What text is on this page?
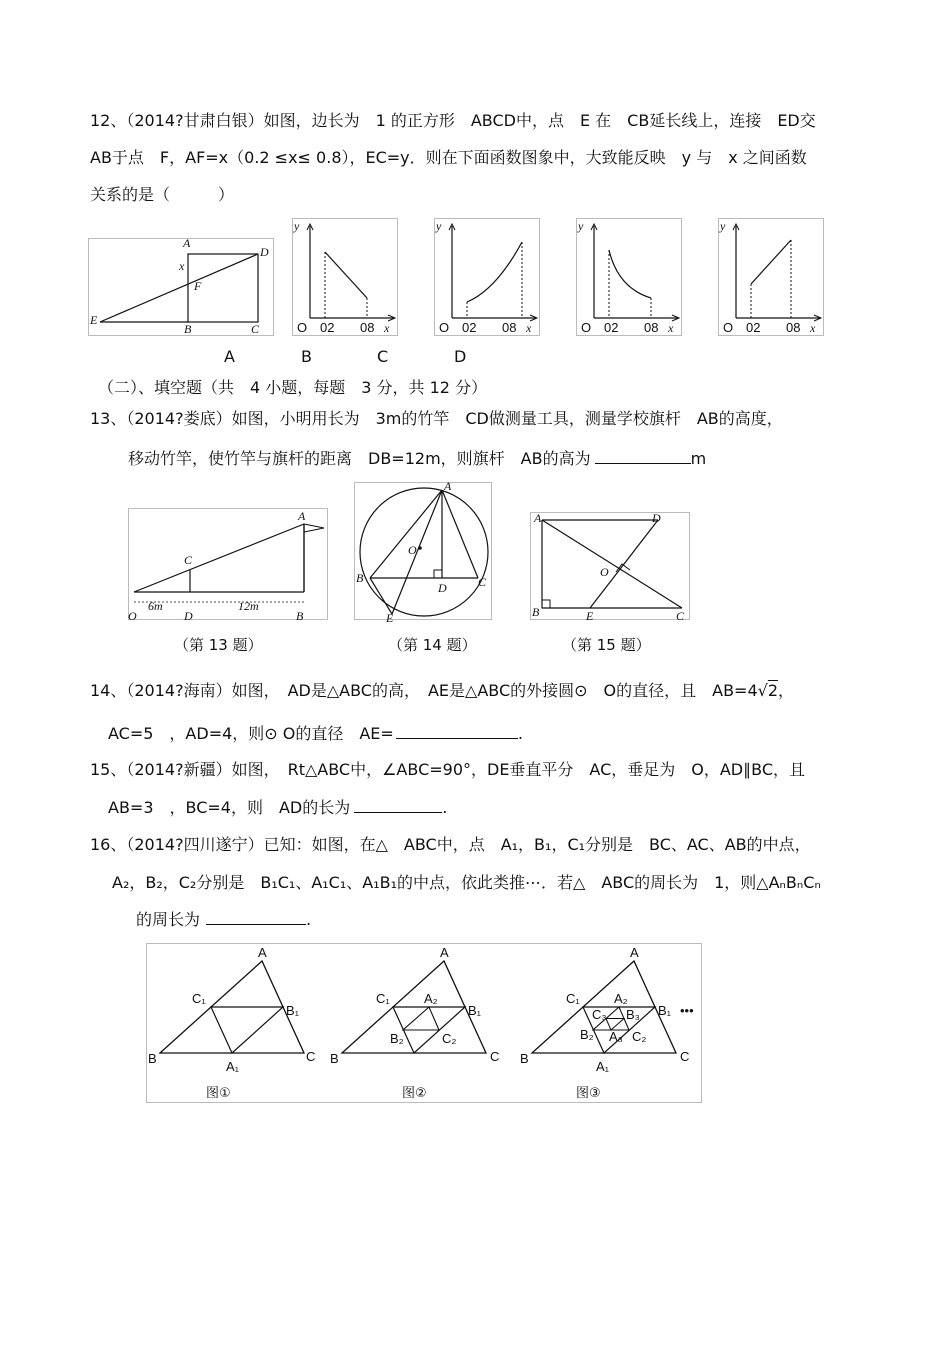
12、（2014?甘肃白银）如图，边长为　1 的正方形　ABCD中，点　E 在　CB延长线上，连接　ED交
AB于点　F，AF=x（0.2 ≤x≤ 0.8），EC=y．则在下面函数图象中，大致能反映　y 与　x 之间函数
关系的是（　　　）
A
D
x
F
E
B	C
y
O 02 08 x
y
O 02 08 x
y
O 02 08 x
y
O 02 08 x
A	B	C	D
（二）、填空题（共　4 小题，每题　3 分，共 12 分）
13、（2014?娄底）如图，小明用长为　3m的竹竿　CD做测量工具，测量学校旗杆　AB的高度，
移动竹竿，使竹竿与旗杆的距离　DB=12m，则旗杆　AB的高为	m
6m	12m
A
C
O	D	B
（第 13 题）
A
O
B	C
D
E
（第 14 题）
A	D
O
B	E	C
（第 15 题）
14、（2014?海南）如图，　AD是△ABC的高，　AE是△ABC的外接圆⊙　O的直径，且　AB=4√2，
AC=5　，AD=4，则⊙ O的直径　AE=	.
15、（2014?新疆）如图，　Rt△ABC中，∠ABC=90°，DE垂直平分　AC，垂足为　O，AD∥BC，且
AB=3　，BC=4，则　AD的长为	.
16、（2014?四川遂宁）已知：如图，在△　ABC中，点　A₁，B₁，C₁分别是　BC、AC、AB的中点，
A₂，B₂，C₂分别是　B₁C₁、A₁C₁、A₁B₁的中点，依此类推⋯．若△　ABC的周长为　1，则△AₙBₙCₙ
的周长为	.
A
B	C
C₁
B₁
A₁
图①
A
B	C
C₁
B₁
A₂
B₂	C₂
图②
A
B	C
C₁
B₁
A₂
B₂	C₂
C₃ B₃
A₃
A₁
•••
图③
